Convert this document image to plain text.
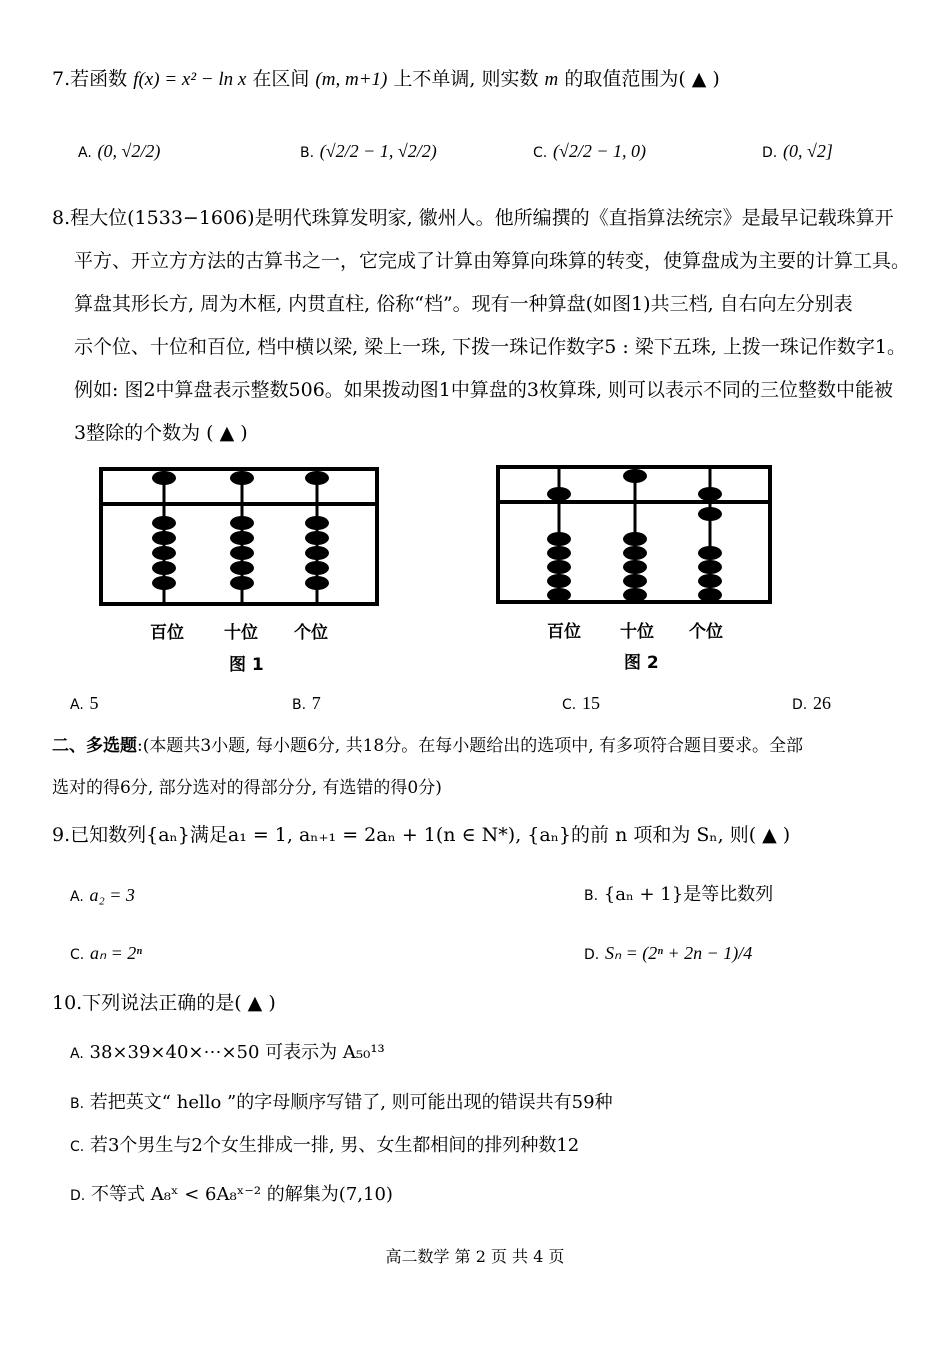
7.若函数 f(x) = x² − ln x 在区间 (m, m+1) 上不单调, 则实数 m 的取值范围为( ▲ )
A. (0, √2/2)	B. (√2/2 − 1, √2/2)	C. (√2/2 − 1, 0)	D. (0, √2]
8.程大位(1533−1606)是明代珠算发明家, 徽州人。他所编撰的《直指算法统宗》是最早记载珠算开
平方、开立方方法的古算书之一，它完成了计算由筹算向珠算的转变，使算盘成为主要的计算工具。
算盘其形长方, 周为木框, 内贯直柱, 俗称“档”。现有一种算盘(如图1)共三档, 自右向左分别表
示个位、十位和百位, 档中横以梁, 梁上一珠, 下拨一珠记作数字5 : 梁下五珠, 上拨一珠记作数字1。
例如: 图2中算盘表示整数506。如果拨动图1中算盘的3枚算珠, 则可以表示不同的三位整数中能被
3整除的个数为 ( ▲ )
百位 十位 个位
图 1
百位 十位 个位
图 2
A. 5	B. 7	C. 15	D. 26
二、多选题:(本题共3小题, 每小题6分, 共18分。在每小题给出的选项中, 有多项符合题目要求。全部
选对的得6分, 部分选对的得部分分, 有选错的得0分)
9.已知数列{aₙ}满足a₁ = 1, aₙ₊₁ = 2aₙ + 1(n ∈ N*), {aₙ}的前 n 项和为 Sₙ, 则( ▲ )
A. a₂ = 3	B. {aₙ + 1}是等比数列
C. aₙ = 2ⁿ	D. Sₙ = (2ⁿ + 2n − 1)/4
10.下列说法正确的是( ▲ )
A. 38×39×40×⋯×50 可表示为 A₅₀¹³
B. 若把英文“ hello ”的字母顺序写错了, 则可能出现的错误共有59种
C. 若3个男生与2个女生排成一排, 男、女生都相间的排列种数12
D. 不等式 A₈ˣ < 6A₈ˣ⁻² 的解集为(7,10)
高二数学 第 2 页 共 4 页
